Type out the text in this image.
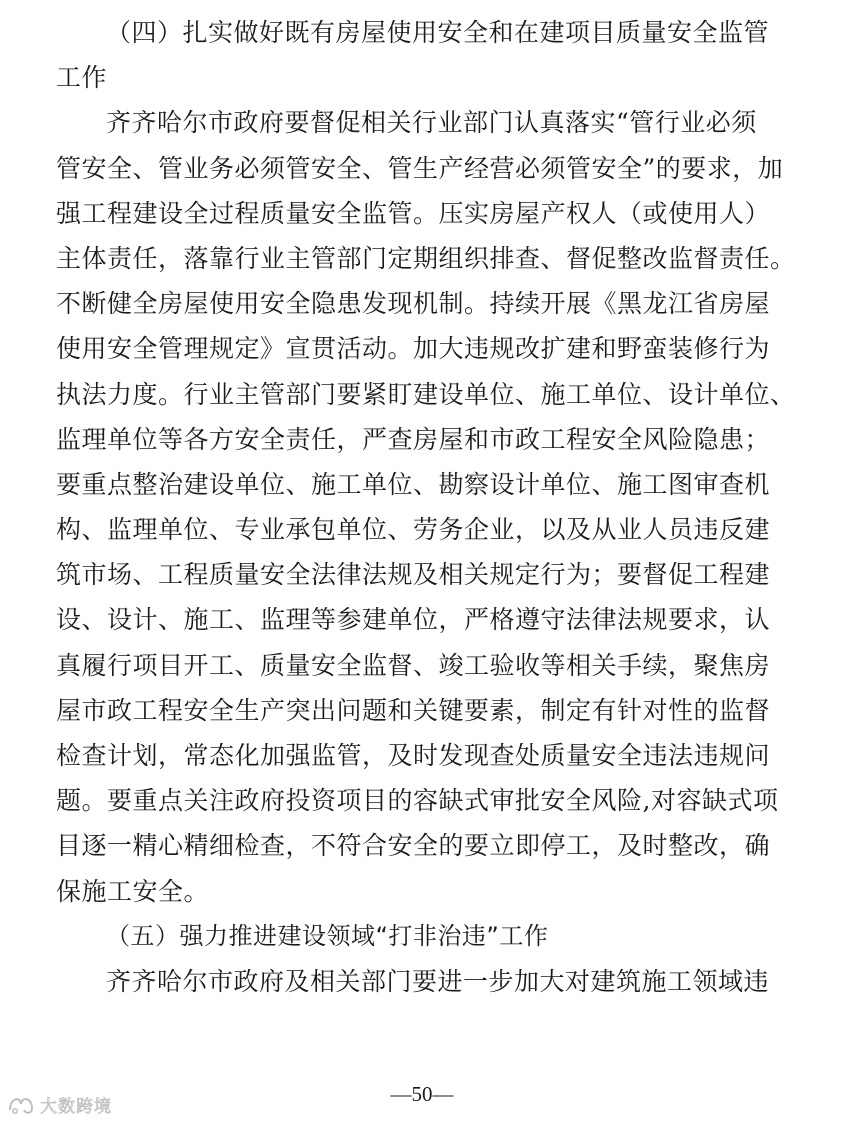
（四）扎实做好既有房屋使用安全和在建项目质量安全监管
工作
齐齐哈尔市政府要督促相关行业部门认真落实“管行业必须
管安全、管业务必须管安全、管生产经营必须管安全”的要求，加
强工程建设全过程质量安全监管。压实房屋产权人（或使用人）
主体责任，落靠行业主管部门定期组织排查、督促整改监督责任。
不断健全房屋使用安全隐患发现机制。持续开展《黑龙江省房屋
使用安全管理规定》宣贯活动。加大违规改扩建和野蛮装修行为
执法力度。行业主管部门要紧盯建设单位、施工单位、设计单位、
监理单位等各方安全责任，严查房屋和市政工程安全风险隐患；
要重点整治建设单位、施工单位、勘察设计单位、施工图审查机
构、监理单位、专业承包单位、劳务企业，以及从业人员违反建
筑市场、工程质量安全法律法规及相关规定行为；要督促工程建
设、设计、施工、监理等参建单位，严格遵守法律法规要求，认
真履行项目开工、质量安全监督、竣工验收等相关手续，聚焦房
屋市政工程安全生产突出问题和关键要素，制定有针对性的监督
检查计划，常态化加强监管，及时发现查处质量安全违法违规问
题。要重点关注政府投资项目的容缺式审批安全风险,对容缺式项
目逐一精心精细检查，不符合安全的要立即停工，及时整改，确
保施工安全。
（五）强力推进建设领域“打非治违”工作
齐齐哈尔市政府及相关部门要进一步加大对建筑施工领域违
—50—
大数跨境
